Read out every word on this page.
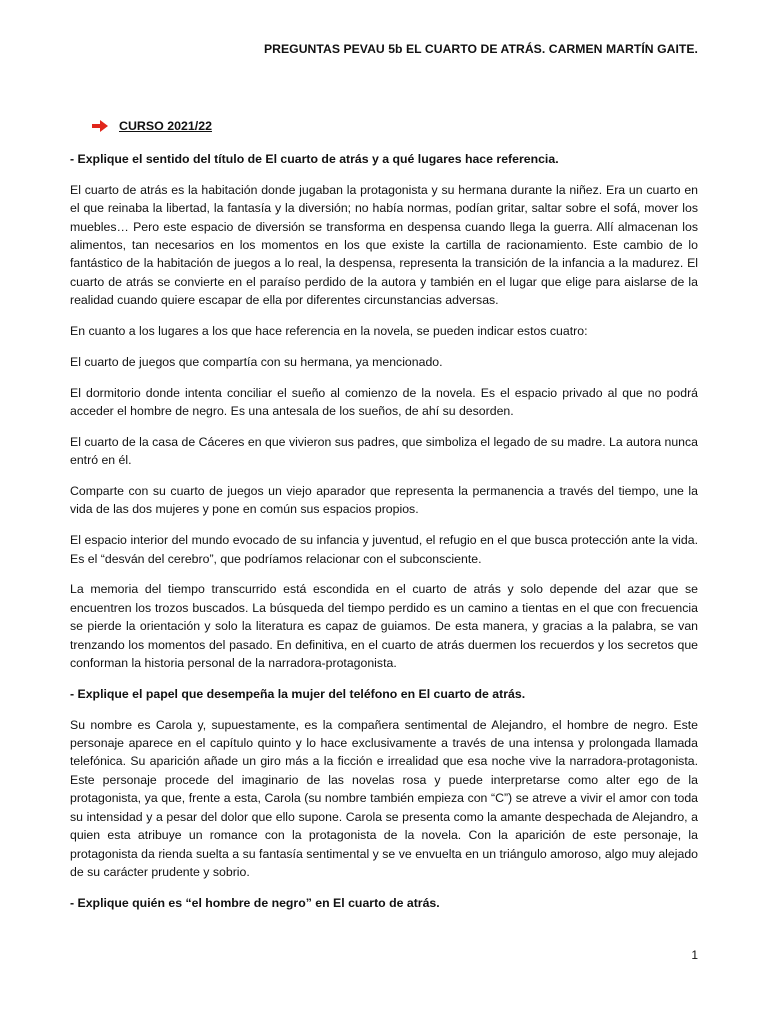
PREGUNTAS PEVAU 5b EL CUARTO DE ATRÁS. CARMEN MARTÍN GAITE.
CURSO 2021/22

- Explique el sentido del título de El cuarto de atrás y a qué lugares hace referencia.

El cuarto de atrás es la habitación donde jugaban la protagonista y su hermana durante la niñez. Era un cuarto en el que reinaba la libertad, la fantasía y la diversión; no había normas, podían gritar, saltar sobre el sofá, mover los muebles… Pero este espacio de diversión se transforma en despensa cuando llega la guerra. Allí almacenan los alimentos, tan necesarios en los momentos en los que existe la cartilla de racionamiento. Este cambio de lo fantástico de la habitación de juegos a lo real, la despensa, representa la transición de la infancia a la madurez. El cuarto de atrás se convierte en el paraíso perdido de la autora y también en el lugar que elige para aislarse de la realidad cuando quiere escapar de ella por diferentes circunstancias adversas.

En cuanto a los lugares a los que hace referencia en la novela, se pueden indicar estos cuatro:

El cuarto de juegos que compartía con su hermana, ya mencionado.

El dormitorio donde intenta conciliar el sueño al comienzo de la novela. Es el espacio privado al que no podrá acceder el hombre de negro. Es una antesala de los sueños, de ahí su desorden.

El cuarto de la casa de Cáceres en que vivieron sus padres, que simboliza el legado de su madre. La autora nunca entró en él.

Comparte con su cuarto de juegos un viejo aparador que representa la permanencia a través del tiempo, une la vida de las dos mujeres y pone en común sus espacios propios.

El espacio interior del mundo evocado de su infancia y juventud, el refugio en el que busca protección ante la vida. Es el “desván del cerebro”, que podríamos relacionar con el subconsciente.

La memoria del tiempo transcurrido está escondida en el cuarto de atrás y solo depende del azar que se encuentren los trozos buscados. La búsqueda del tiempo perdido es un camino a tientas en el que con frecuencia se pierde la orientación y solo la literatura es capaz de guiamos. De esta manera, y gracias a la palabra, se van trenzando los momentos del pasado. En definitiva, en el cuarto de atrás duermen los recuerdos y los secretos que conforman la historia personal de la narradora-protagonista.

- Explique el papel que desempeña la mujer del teléfono en El cuarto de atrás.

Su nombre es Carola y, supuestamente, es la compañera sentimental de Alejandro, el hombre de negro. Este personaje aparece en el capítulo quinto y lo hace exclusivamente a través de una intensa y prolongada llamada telefónica. Su aparición añade un giro más a la ficción e irrealidad que esa noche vive la narradora-protagonista. Este personaje procede del imaginario de las novelas rosa y puede interpretarse como alter ego de la protagonista, ya que, frente a esta, Carola (su nombre también empieza con “C”) se atreve a vivir el amor con toda su intensidad y a pesar del dolor que ello supone. Carola se presenta como la amante despechada de Alejandro, a quien esta atribuye un romance con la protagonista de la novela. Con la aparición de este personaje, la protagonista da rienda suelta a su fantasía sentimental y se ve envuelta en un triángulo amoroso, algo muy alejado de su carácter prudente y sobrio.

- Explique quién es “el hombre de negro” en El cuarto de atrás.

1
